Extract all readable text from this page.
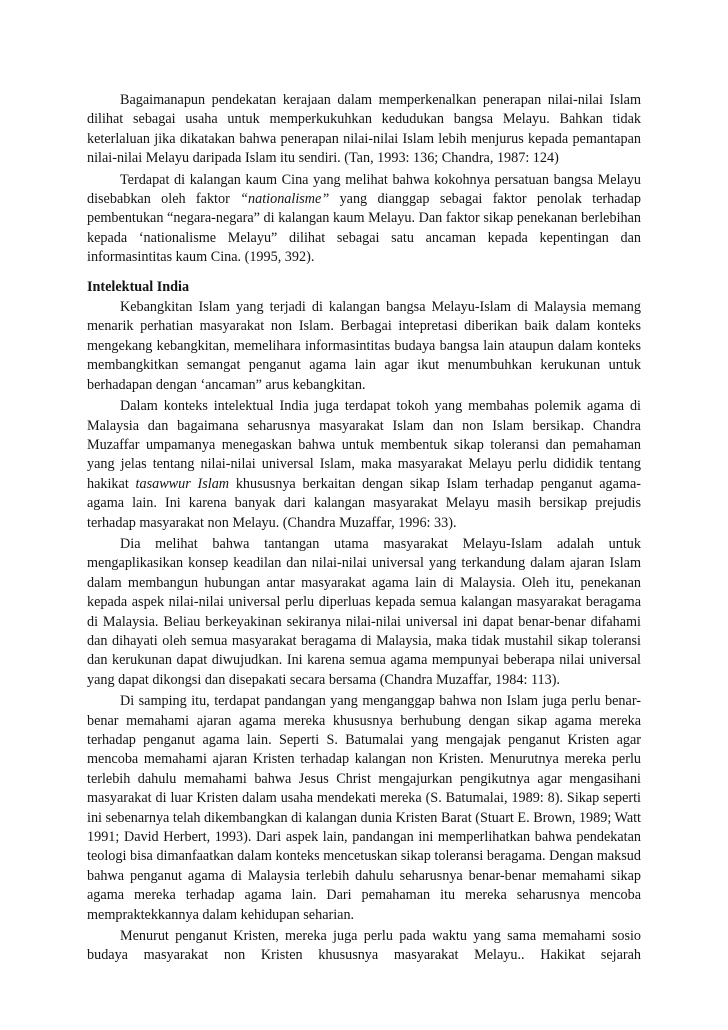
Bagaimanapun pendekatan kerajaan dalam memperkenalkan penerapan nilai-nilai Islam dilihat sebagai usaha untuk memperkukuhkan kedudukan bangsa Melayu. Bahkan tidak keterlaluan jika dikatakan bahwa penerapan nilai-nilai Islam lebih menjurus kepada pemantapan nilai-nilai Melayu daripada Islam itu sendiri. (Tan, 1993: 136; Chandra, 1987: 124)

Terdapat di kalangan kaum Cina yang melihat bahwa kokohnya persatuan bangsa Melayu disebabkan oleh faktor “nationalisme” yang dianggap sebagai faktor penolak terhadap pembentukan “negara-negara” di kalangan kaum Melayu. Dan faktor sikap penekanan berlebihan kepada ‘nationalisme Melayu” dilihat sebagai satu ancaman kepada kepentingan dan informasintitas kaum Cina. (1995, 392).

Intelektual India

Kebangkitan Islam yang terjadi di kalangan bangsa Melayu-Islam di Malaysia memang menarik perhatian masyarakat non Islam. Berbagai intepretasi diberikan baik dalam konteks mengekang kebangkitan, memelihara informasintitas budaya bangsa lain ataupun dalam konteks membangkitkan semangat penganut agama lain agar ikut menumbuhkan kerukunan untuk berhadapan dengan ‘ancaman” arus kebangkitan.

Dalam konteks intelektual India juga terdapat tokoh yang membahas polemik agama di Malaysia dan bagaimana seharusnya masyarakat Islam dan non Islam bersikap. Chandra Muzaffar umpamanya menegaskan bahwa untuk membentuk sikap toleransi dan pemahaman yang jelas tentang nilai-nilai universal Islam, maka masyarakat Melayu perlu dididik tentang hakikat tasawwur Islam khususnya berkaitan dengan sikap Islam terhadap penganut agama-agama lain. Ini karena banyak dari kalangan masyarakat Melayu masih bersikap prejudis terhadap masyarakat non Melayu. (Chandra Muzaffar, 1996: 33).

Dia melihat bahwa tantangan utama masyarakat Melayu-Islam adalah untuk mengaplikasikan konsep keadilan dan nilai-nilai universal yang terkandung dalam ajaran Islam dalam membangun hubungan antar masyarakat agama lain di Malaysia. Oleh itu, penekanan kepada aspek nilai-nilai universal perlu diperluas kepada semua kalangan masyarakat beragama di Malaysia. Beliau berkeyakinan sekiranya nilai-nilai universal ini dapat benar-benar difahami dan dihayati oleh semua masyarakat beragama di Malaysia, maka tidak mustahil sikap toleransi dan kerukunan dapat diwujudkan. Ini karena semua agama mempunyai beberapa nilai universal yang dapat dikongsi dan disepakati secara bersama (Chandra Muzaffar, 1984: 113).

Di samping itu, terdapat pandangan yang menganggap bahwa non Islam juga perlu benar-benar memahami ajaran agama mereka khususnya berhubung dengan sikap agama mereka terhadap penganut agama lain. Seperti S. Batumalai yang mengajak penganut Kristen agar mencoba memahami ajaran Kristen terhadap kalangan non Kristen. Menurutnya mereka perlu terlebih dahulu memahami bahwa Jesus Christ mengajurkan pengikutnya agar mengasihani masyarakat di luar Kristen dalam usaha mendekati mereka (S. Batumalai, 1989: 8). Sikap seperti ini sebenarnya telah dikembangkan di kalangan dunia Kristen Barat (Stuart E. Brown, 1989; Watt 1991; David Herbert, 1993). Dari aspek lain, pandangan ini memperlihatkan bahwa pendekatan teologi bisa dimanfaatkan dalam konteks mencetuskan sikap toleransi beragama. Dengan maksud bahwa penganut agama di Malaysia terlebih dahulu seharusnya benar-benar memahami sikap agama mereka terhadap agama lain. Dari pemahaman itu mereka seharusnya mencoba mempraktekkannya dalam kehidupan seharian.

Menurut penganut Kristen, mereka juga perlu pada waktu yang sama memahami sosio budaya masyarakat non Kristen khususnya masyarakat Melayu.. Hakikat sejarah
